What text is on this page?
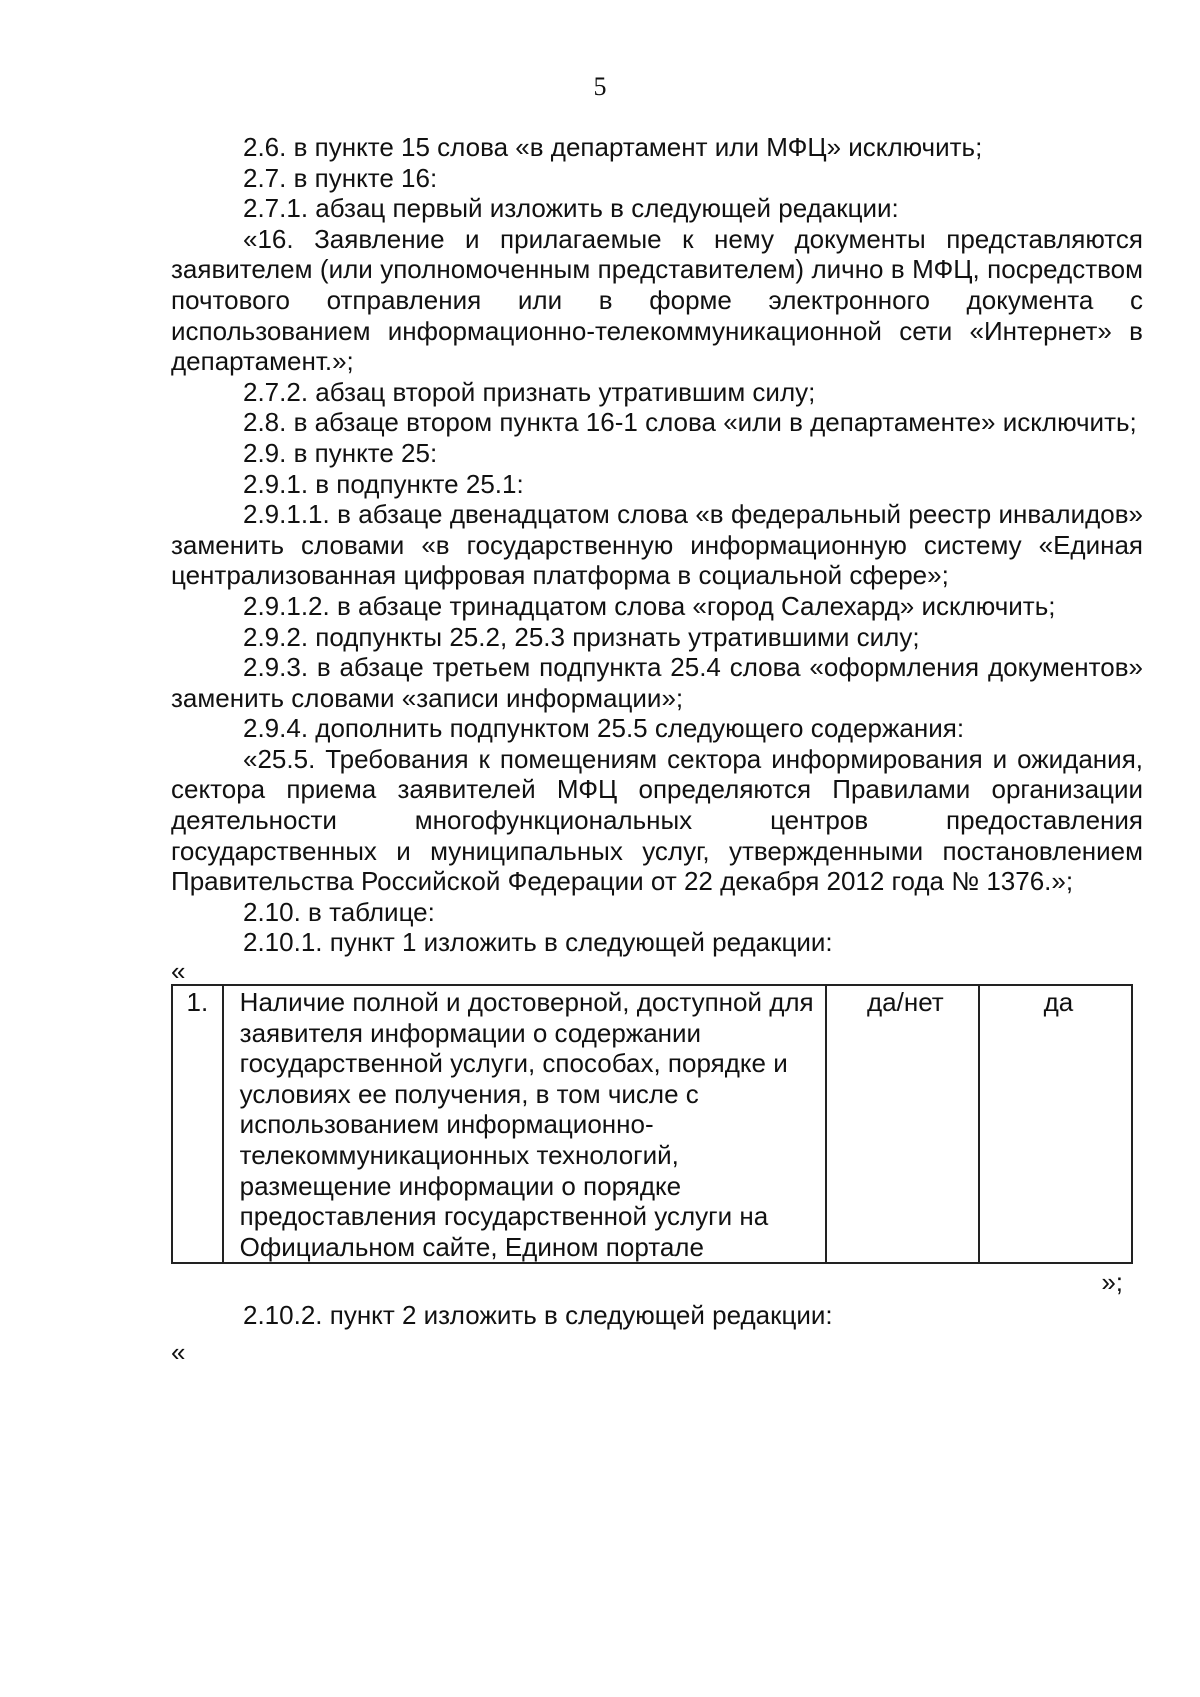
5

2.6. в пункте 15 слова «в департамент или МФЦ» исключить;

2.7. в пункте 16:

2.7.1. абзац первый изложить в следующей редакции:

«16. Заявление и прилагаемые к нему документы представляются заявителем (или уполномоченным представителем) лично в МФЦ, посредством почтового отправления или в форме электронного документа с использованием информационно-телекоммуникационной сети «Интернет» в департамент.»;

2.7.2. абзац второй признать утратившим силу;

2.8. в абзаце втором пункта 16-1 слова «или в департаменте» исключить;

2.9. в пункте 25:

2.9.1. в подпункте 25.1:

2.9.1.1. в абзаце двенадцатом слова «в федеральный реестр инвалидов» заменить словами «в государственную информационную систему «Единая централизованная цифровая платформа в социальной сфере»;

2.9.1.2. в абзаце тринадцатом слова «город Салехард» исключить;

2.9.2. подпункты 25.2, 25.3 признать утратившими силу;

2.9.3. в абзаце третьем подпункта 25.4 слова «оформления документов» заменить словами «записи информации»;

2.9.4. дополнить подпунктом 25.5 следующего содержания:

«25.5. Требования к помещениям сектора информирования и ожидания, сектора приема заявителей МФЦ определяются Правилами организации деятельности многофункциональных центров предоставления государственных и муниципальных услуг, утвержденными постановлением Правительства Российской Федерации от 22 декабря 2012 года № 1376.»;

2.10. в таблице:

2.10.1. пункт 1 изложить в следующей редакции:

«

1.	Наличие полной и достоверной, доступной для заявителя информации о содержании государственной услуги, способах, порядке и условиях ее получения, в том числе с использованием информационно-телекоммуникационных технологий, размещение информации о порядке предоставления государственной услуги на Официальном сайте, Едином портале	да/нет	да

»;

2.10.2. пункт 2 изложить в следующей редакции:

«
